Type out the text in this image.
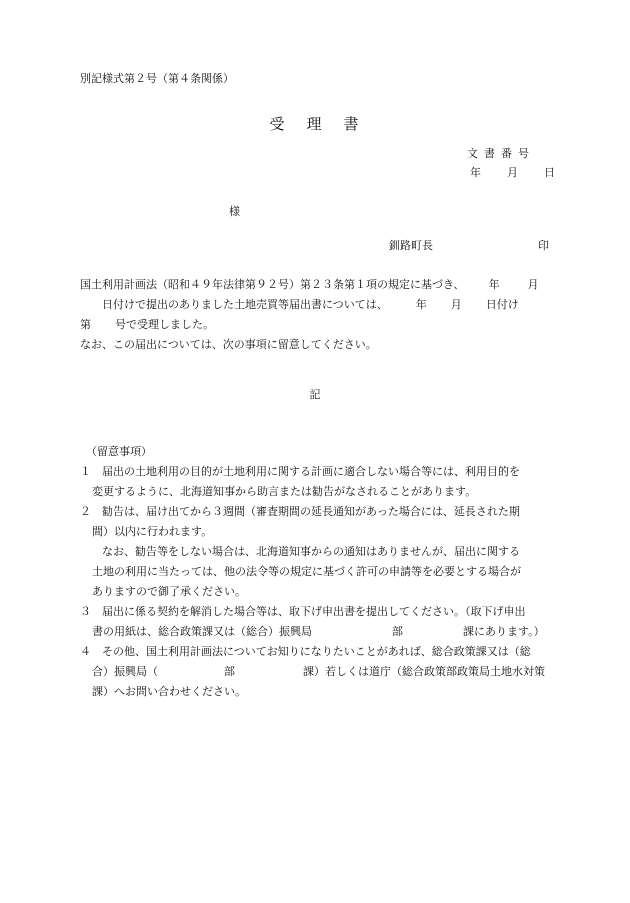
別記様式第２号（第４条関係）
受理書
文書番号
年 月 日
様
釧路町長	印
国土利用計画法（昭和４９年法律第９２号）第２３条第１項の規定に基づき、 年	月
日付けで提出のありました土地売買等届出書については、	年 月 日付け
第 号で受理しました。
なお、この届出については、次の事項に留意してください。
記
（留意事項）
１　届出の土地利用の目的が土地利用に関する計画に適合しない場合等には、利用目的を
変更するように、北海道知事から助言または勧告がなされることがあります。
２　勧告は、届け出てから３週間（審査期間の延長通知があった場合には、延長された期
間）以内に行われます。
なお、勧告等をしない場合は、北海道知事からの通知はありませんが、届出に関する
土地の利用に当たっては、他の法令等の規定に基づく許可の申請等を必要とする場合が
ありますので御了承ください。
３　届出に係る契約を解消した場合等は、取下げ申出書を提出してください。（取下げ申出
書の用紙は、総合政策課又は（総合）振興局	部	課にあります。）
４　その他、国土利用計画法についてお知りになりたいことがあれば、総合政策課又は（総
合）振興局（	部	課）若しくは道庁（総合政策部政策局土地水対策
課）へお問い合わせください。
